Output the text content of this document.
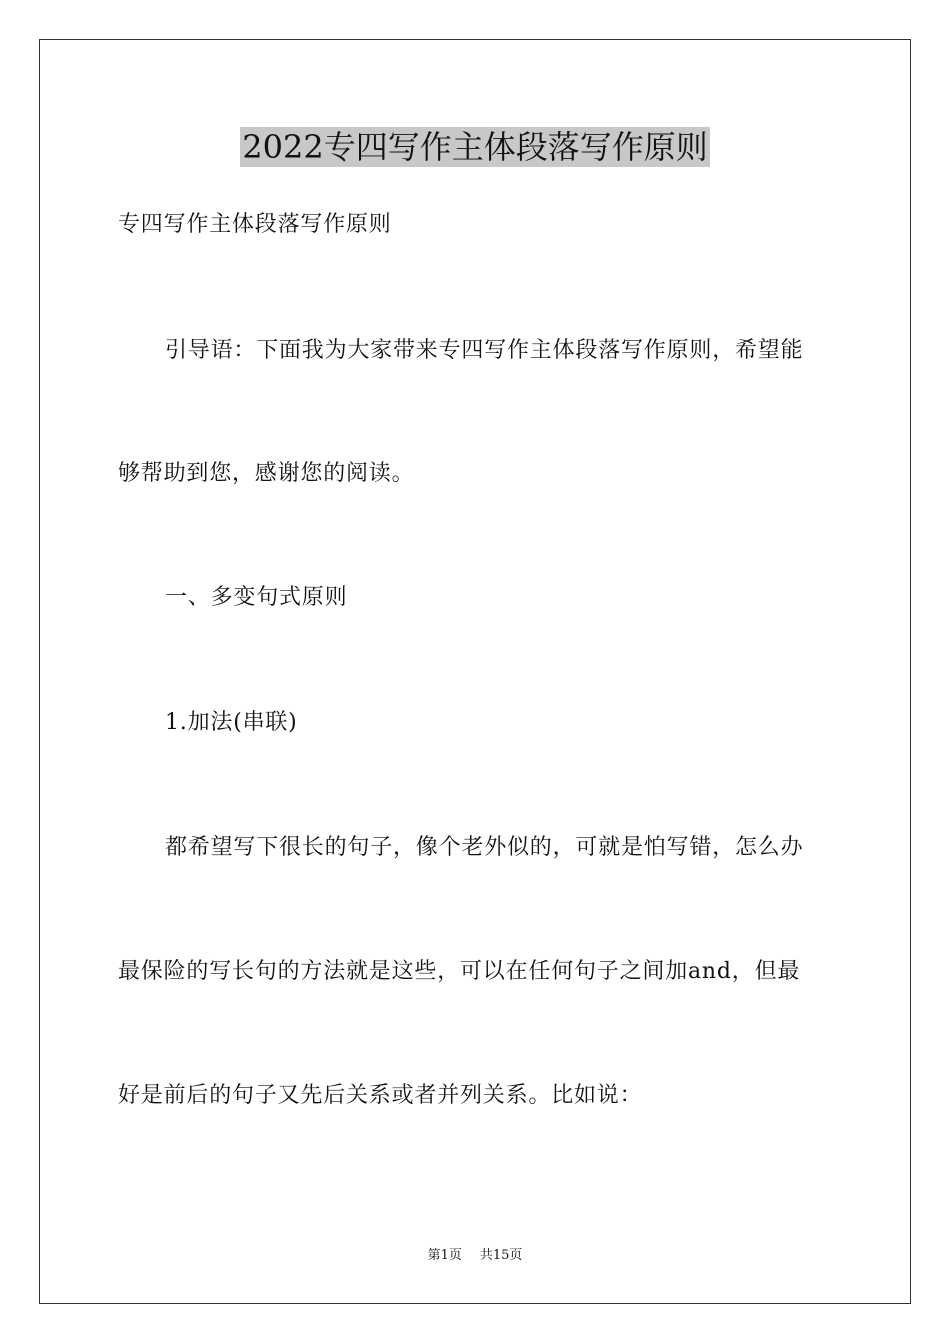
2022专四写作主体段落写作原则
专四写作主体段落写作原则
引导语：下面我为大家带来专四写作主体段落写作原则，希望能
够帮助到您，感谢您的阅读。
一、多变句式原则
1.加法(串联)
都希望写下很长的句子，像个老外似的，可就是怕写错，怎么办
最保险的写长句的方法就是这些，可以在任何句子之间加and，但最
好是前后的句子又先后关系或者并列关系。比如说：
第1页 共15页
